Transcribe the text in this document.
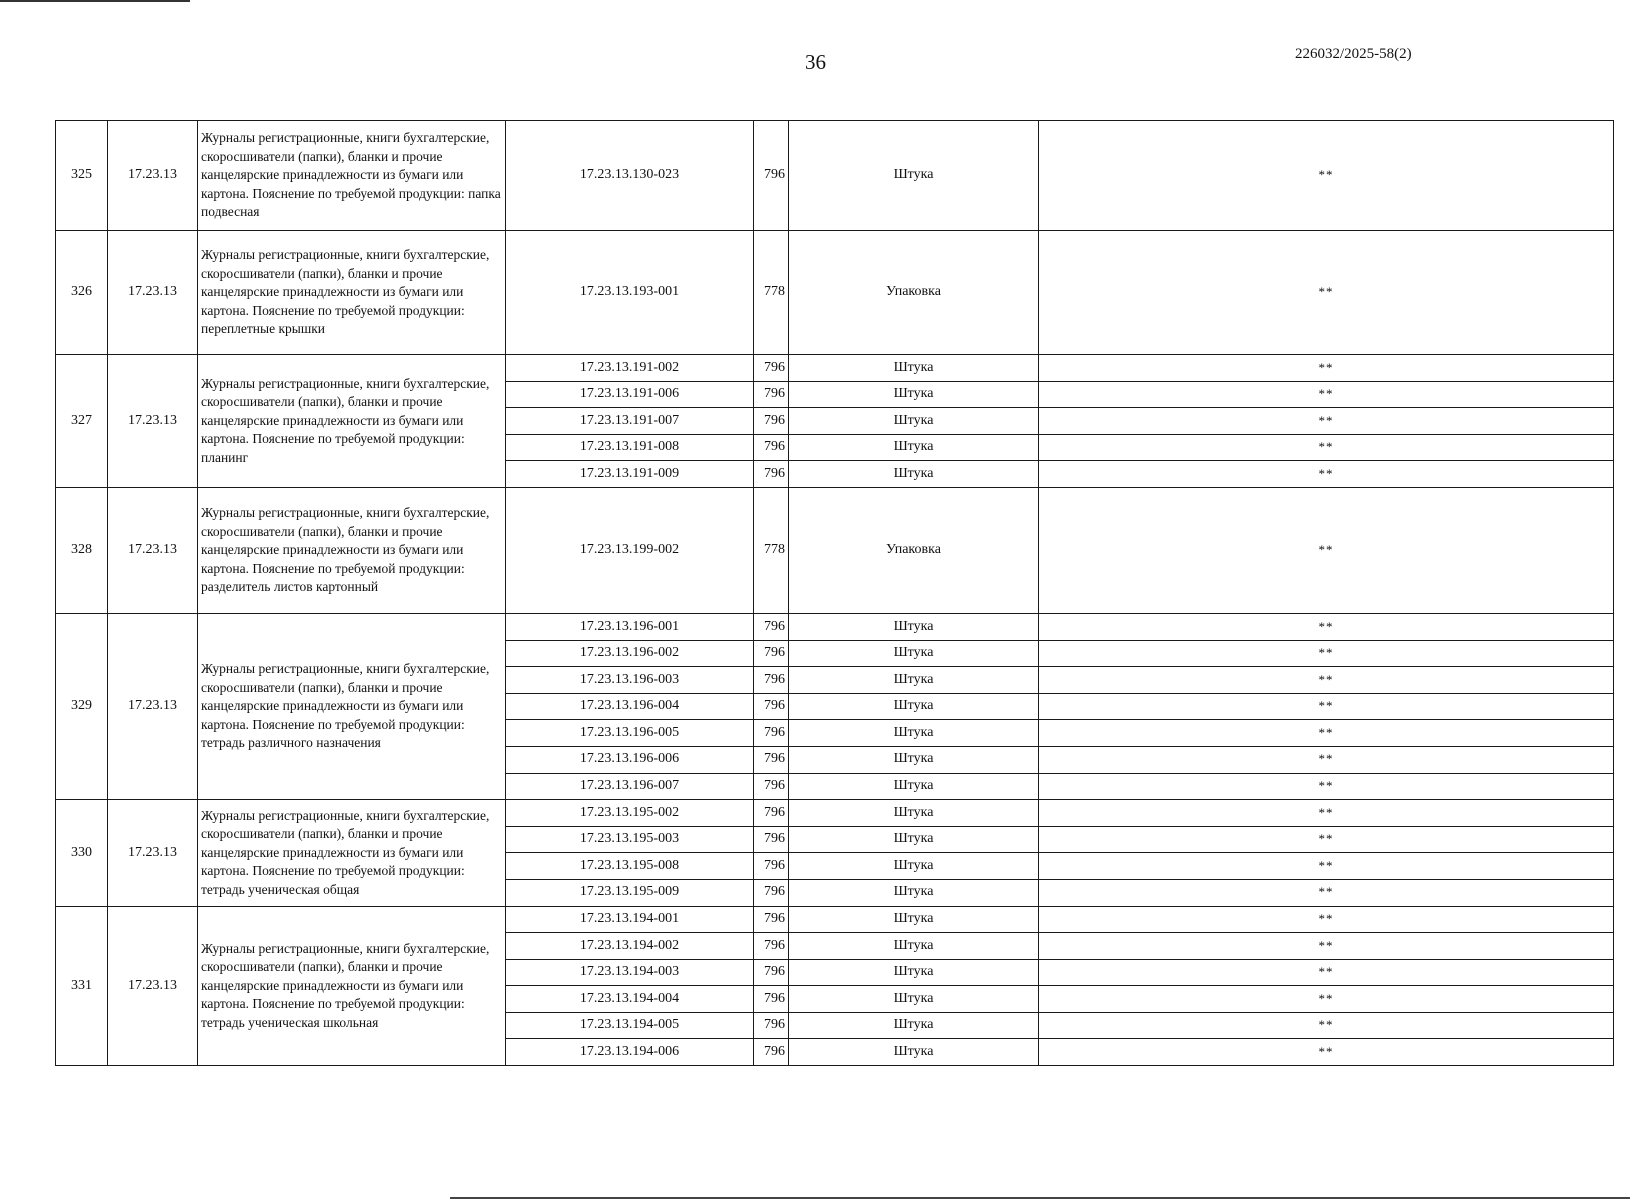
36	226032/2025-58(2)
325	17.23.13	Журналы регистрационные, книги бухгалтерские, скоросшиватели (папки), бланки и прочие канцелярские принадлежности из бумаги или картона. Пояснение по требуемой продукции: папка подвесная	17.23.13.130-023	796	Штука	**
326	17.23.13	Журналы регистрационные, книги бухгалтерские, скоросшиватели (папки), бланки и прочие канцелярские принадлежности из бумаги или картона. Пояснение по требуемой продукции: переплетные крышки	17.23.13.193-001	778	Упаковка	**
327	17.23.13	Журналы регистрационные, книги бухгалтерские, скоросшиватели (папки), бланки и прочие канцелярские принадлежности из бумаги или картона. Пояснение по требуемой продукции: планинг	17.23.13.191-002	796	Штука	**
			17.23.13.191-006	796	Штука	**
			17.23.13.191-007	796	Штука	**
			17.23.13.191-008	796	Штука	**
			17.23.13.191-009	796	Штука	**
328	17.23.13	Журналы регистрационные, книги бухгалтерские, скоросшиватели (папки), бланки и прочие канцелярские принадлежности из бумаги или картона. Пояснение по требуемой продукции: разделитель листов картонный	17.23.13.199-002	778	Упаковка	**
329	17.23.13	Журналы регистрационные, книги бухгалтерские, скоросшиватели (папки), бланки и прочие канцелярские принадлежности из бумаги или картона. Пояснение по требуемой продукции: тетрадь различного назначения	17.23.13.196-001	796	Штука	**
			17.23.13.196-002	796	Штука	**
			17.23.13.196-003	796	Штука	**
			17.23.13.196-004	796	Штука	**
			17.23.13.196-005	796	Штука	**
			17.23.13.196-006	796	Штука	**
			17.23.13.196-007	796	Штука	**
330	17.23.13	Журналы регистрационные, книги бухгалтерские, скоросшиватели (папки), бланки и прочие канцелярские принадлежности из бумаги или картона. Пояснение по требуемой продукции: тетрадь ученическая общая	17.23.13.195-002	796	Штука	**
			17.23.13.195-003	796	Штука	**
			17.23.13.195-008	796	Штука	**
			17.23.13.195-009	796	Штука	**
331	17.23.13	Журналы регистрационные, книги бухгалтерские, скоросшиватели (папки), бланки и прочие канцелярские принадлежности из бумаги или картона. Пояснение по требуемой продукции: тетрадь ученическая школьная	17.23.13.194-001	796	Штука	**
			17.23.13.194-002	796	Штука	**
			17.23.13.194-003	796	Штука	**
			17.23.13.194-004	796	Штука	**
			17.23.13.194-005	796	Штука	**
			17.23.13.194-006	796	Штука	**
